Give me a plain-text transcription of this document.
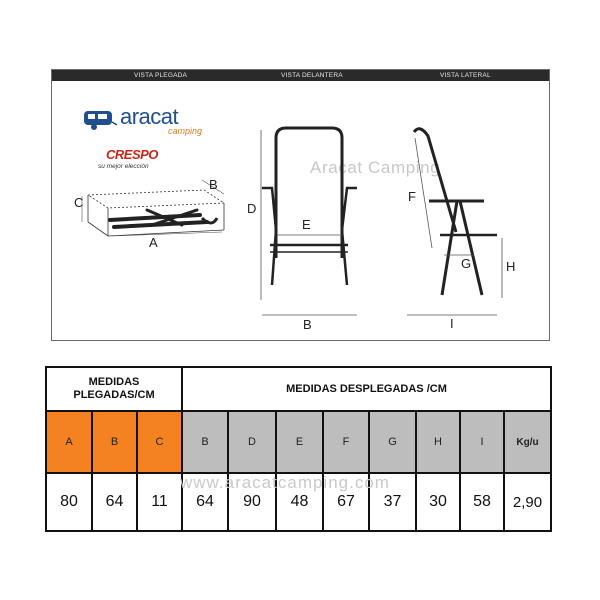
VISTA PLEGADA	VISTA DELANTERA	VISTA LATERAL
aracat
camping
CRESPO
su mejor elección	Aracat Camping
A
B
C	D
E
B
F
G	H
I
MEDIDAS PLEGADAS/CM
MEDIDAS DESPLEGADAS /CM
A	B	C	B	D	E	F	G	H	I	Kg/u
80	64	11	64	90	48	67	37	30	58	2,90
www.aracatcamping.com
